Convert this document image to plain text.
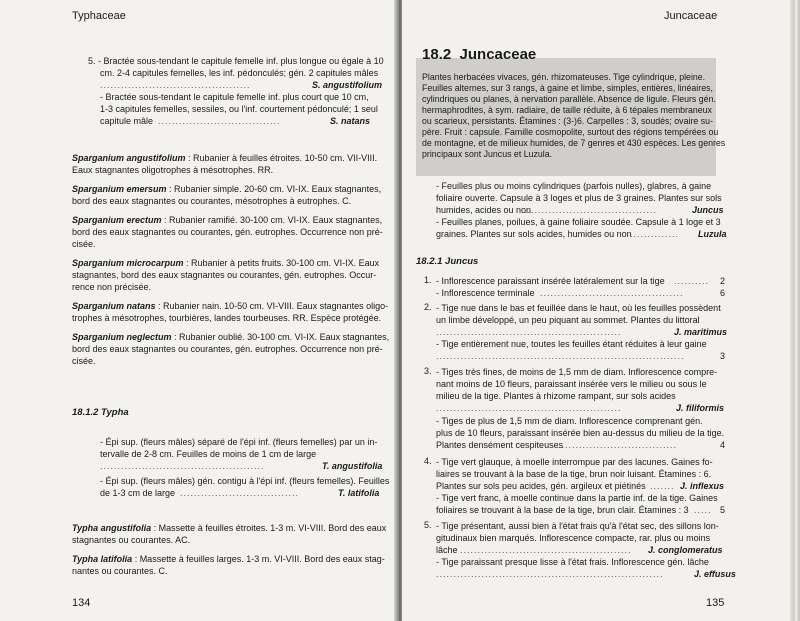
Typhaceae
5. - Bractée sous-tendant le capitule femelle inf. plus longue ou égale à 10
cm. 2-4 capitules femelles, les inf. pédonculés; gén. 2 capitules mâles
...........................................	S. angustifolium
- Bractée sous-tendant le capitule femelle inf. plus court que 10 cm,
1-3 capitules femelles, sessiles, ou l'inf. courtement pédonculé; 1 seul
capitule mâle ...................................	S. natans
Sparganium angustifolium : Rubanier à feuilles étroites. 10-50 cm. VII-VIII.
Eaux stagnantes oligotrophes à mésotrophes. RR.
Sparganium emersum : Rubanier simple. 20-60 cm. VI-IX. Eaux stagnantes,
bord des eaux stagnantes ou courantes, mésotrophes à eutrophes. C.
Sparganium erectum : Rubanier ramifié. 30-100 cm. VI-IX. Eaux stagnantes,
bord des eaux stagnantes ou courantes, gén. eutrophes. Occurrence non pré-
cisée.
Sparganium microcarpum : Rubanier à petits fruits. 30-100 cm. VI-IX. Eaux
stagnantes, bord des eaux stagnantes ou courantes, gén. eutrophes. Occur-
rence non précisée.
Sparganium natans : Rubanier nain. 10-50 cm. VI-VIII. Eaux stagnantes oligo-
trophes à mésotrophes, tourbières, landes tourbeuses. RR. Espèce protégée.
Sparganium neglectum : Rubanier oublié. 30-100 cm. VI-IX. Eaux stagnantes,
bord des eaux stagnantes ou courantes, gén. eutrophes. Occurrence non pré-
cisée.
18.1.2 Typha
- Épi sup. (fleurs mâles) séparé de l'épi inf. (fleurs femelles) par un in-
tervalle de 2-8 cm. Feuilles de moins de 1 cm de large
...............................................	T. angustifolia
- Épi sup. (fleurs mâles) gén. contigu à l'épi inf. (fleurs femelles). Feuilles
de 1-3 cm de large ..................................	T. latifolia
Typha angustifolia : Massette à feuilles étroites. 1-3 m. VI-VIII. Bord des eaux
stagnantes ou courantes. AC.
Typha latifolia : Massette à feuilles larges. 1-3 m. VI-VIII. Bord des eaux stag-
nantes ou courantes. C.
134
Juncaceae
18.2 Juncaceae
Plantes herbacées vivaces, gén. rhizomateuses. Tige cylindrique, pleine.
Feuilles alternes, sur 3 rangs, à gaine et limbe, simples, entières, linéaires,
cylindriques ou planes, à nervation parallèle. Absence de ligule. Fleurs gén.
hermaphrodites, à sym. radiaire, de taille réduite, à 6 tépales membraneux
ou scarieux, persistants. Étamines : (3-)6. Carpelles : 3, soudés; ovaire su-
père. Fruit : capsule. Famille cosmopolite, surtout des régions tempérées ou
de montagne, et de milieux humides, de 7 genres et 430 espèces. Les genres
principaux sont Juncus et Luzula.
- Feuilles plus ou moins cylindriques (parfois nulles), glabres, à gaine
foliaire ouverte. Capsule à 3 loges et plus de 3 graines. Plantes sur sols
humides, acides ou non
......................................	Juncus
- Feuilles planes, poilues, à gaine foliaire soudée. Capsule à 1 loge et 3
graines. Plantes sur sols acides, humides ou non
.............. Luzula
18.2.1 Juncus
1. - Inflorescence paraissant insérée latéralement sur la tige .......... 2
- Inflorescence terminale .........................................	6
2. - Tige nue dans le bas et feuillée dans le haut, où les feuilles possèdent
un limbe développé, un peu piquant au sommet. Plantes du littoral
.....................................................	J. maritimus
- Tige entièrement nue, toutes les feuilles étant réduites à leur gaine
.......................................................................	3
3. - Tiges très fines, de moins de 1,5 mm de diam. Inflorescence compre-
nant moins de 10 fleurs, paraissant insérée vers le milieu ou sous le
milieu de la tige. Plantes à rhizome rampant, sur sols acides
.....................................................	J. filiformis
- Tiges de plus de 1,5 mm de diam. Inflorescence comprenant gén.
plus de 10 fleurs, paraissant insérée bien au-dessus du milieu de la tige.
Plantes densément cespiteuses
..................................	4
4. - Tige vert glauque, à moelle interrompue par des lacunes. Gaines fo-
liaires se trouvant à la base de la tige, brun noir luisant. Étamines : 6.
Plantes sur sols peu acides, gén. argileux et piétinés ....... J. inflexus
- Tige vert franc, à moelle continue dans la partie inf. de la tige. Gaines
foliaires se trouvant à la base de la tige, brun clair. Étamines : 3 ..... 5
5. - Tige présentant, aussi bien à l'état frais qu'à l'état sec, des sillons lon-
gitudinaux bien marqués. Inflorescence compacte, rar. plus ou moins
lâche ................................................. J. conglomeratus
- Tige paraissant presque lisse à l'état frais. Inflorescence gén. lâche
.................................................................	J. effusus
135
